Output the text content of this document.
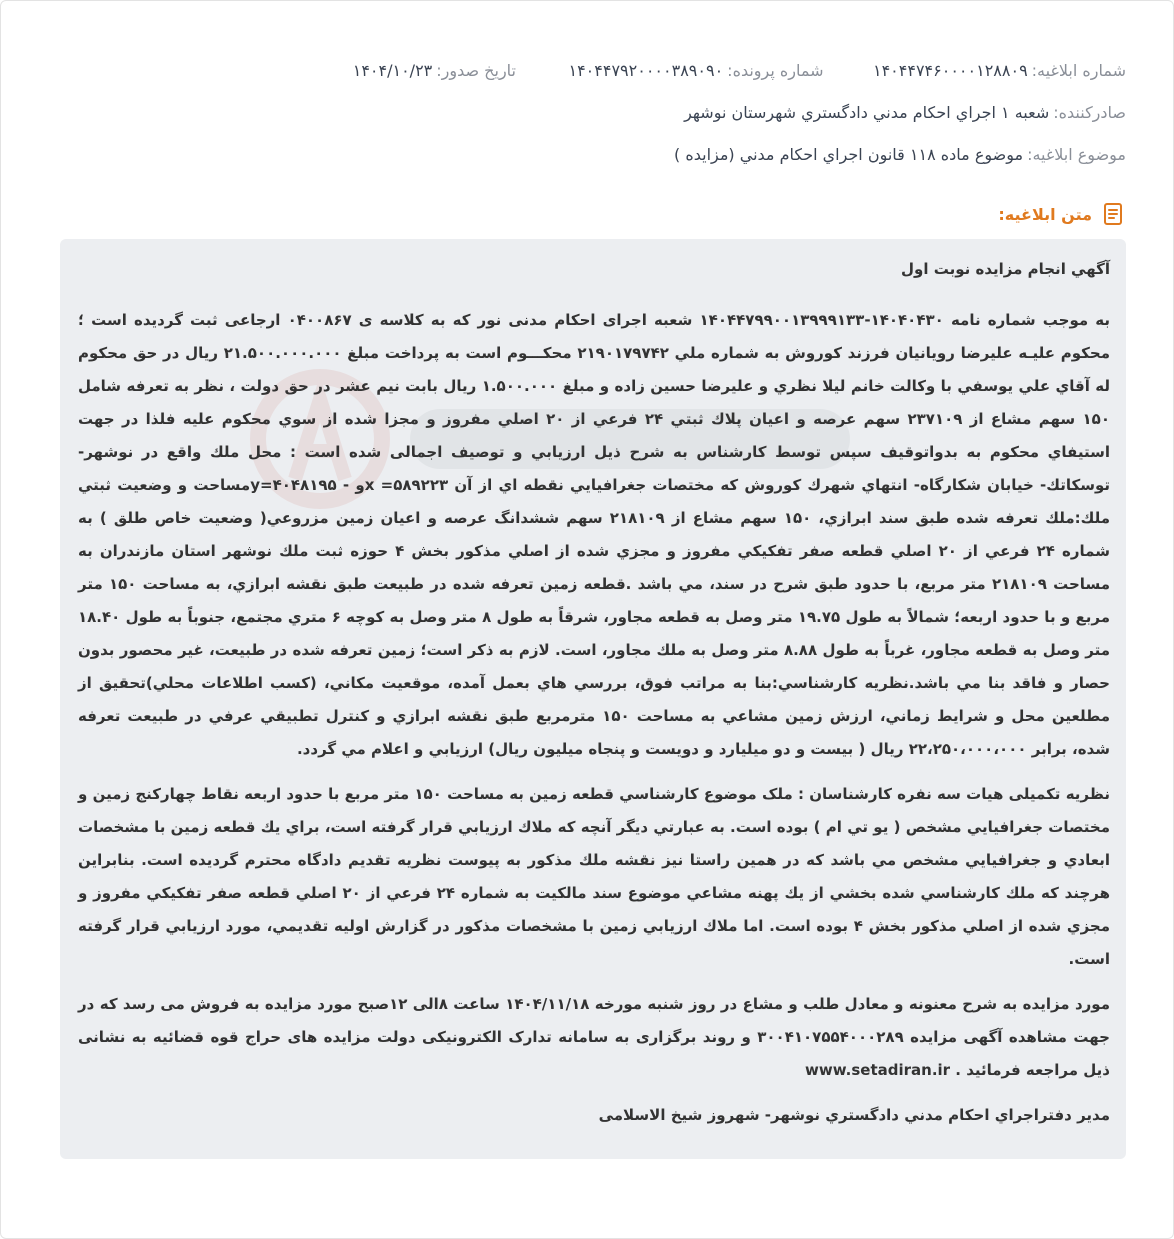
شماره ابلاغیه:
۱۴۰۴۴۷۴۶۰۰۰۰۱۲۸۸۰۹
شماره پرونده:
۱۴۰۴۴۷۹۲۰۰۰۰۳۸۹۰۹۰
تاریخ صدور:
۱۴۰۴/۱۰/۲۳
صادرکننده:
شعبه ۱ اجراي احكام مدني دادگستري شهرستان نوشهر
موضوع ابلاغیه:
موضوع ماده ۱۱۸ قانون اجراي احكام مدني (مزايده )
متن ابلاغیه:

آگهي انجام مزايده نوبت اول

به موجب شماره نامه ۱۴۰۴۰۴۳۰-۱۴۰۴۴۷۹۹۰۰۱۳۹۹۹۱۳۳ شعبه اجرای احکام مدنی نور که به کلاسه ی ۰۴۰۰۸۶۷ ارجاعی ثبت گردیده است ؛ محکوم علیـه علیرضا رویانیان فرزند کوروش به شماره ملي ۲۱۹۰۱۷۹۷۴۲ محکـــوم است به پرداخت مبلغ ۲۱.۵۰۰.۰۰۰.۰۰۰ ريال در حق محكوم له آقاي علي يوسفي با وکالت خانم لیلا نظري و علیرضا حسین زاده و مبلغ ۱.۵۰۰.۰۰۰ ريال بابت نيم عشر در حق دولت ، نظر به تعرفه شامل ۱۵۰ سهم مشاع از ۲۳۷۱۰۹ سهم عرصه و اعيان پلاك ثبتي ۲۴ فرعي از ۲۰ اصلي مفروز و مجزا شده از سوي محکوم علیه فلذا در جهت استيفاي محكوم به بدواتوقيف سپس توسط کارشناس به شرح ذيل ارزيابي و توصيف اجمالی شده است : محل ملك واقع در نوشهر- توسكاتك- خيابان شكارگاه- انتهاي شهرك كوروش كه مختصات جغرافيايي نقطه اي از آن ۵۸۹۲۲۳= xو - ۴۰۴۸۱۹۵=yمساحت و وضعيت ثبتي ملك:ملك تعرفه شده طبق سند ابرازي، ۱۵۰ سهم مشاع از ۲۱۸۱۰۹ سهم ششدانگ عرصه و اعيان زمين مزروعي( وضعيت خاص طلق ) به شماره ۲۴ فرعي از ۲۰ اصلي قطعه صفر تفكيكي مفروز و مجزي شده از اصلي مذكور بخش ۴ حوزه ثبت ملك نوشهر استان مازندران به مساحت ۲۱۸۱۰۹ متر مربع، با حدود طبق شرح در سند، مي باشد .قطعه زمين تعرفه شده در طبيعت طبق نقشه ابرازي، به مساحت ۱۵۰ متر مربع و با حدود اربعه؛ شمالاً به طول ۱۹.۷۵ متر وصل به قطعه مجاور، شرقاً به طول ۸ متر وصل به كوچه ۶ متري مجتمع، جنوباً به طول ۱۸.۴۰ متر وصل به قطعه مجاور، غرباً به طول ۸.۸۸ متر وصل به ملك مجاور، است. لازم به ذكر است؛ زمين تعرفه شده در طبيعت، غير محصور بدون حصار و فاقد بنا مي باشد.نظريه كارشناسي:بنا به مراتب فوق، بررسي هاي بعمل آمده، موقعيت مكاني، (كسب اطلاعات محلي)تحقيق از مطلعين محل و شرايط زماني، ارزش زمين مشاعي به مساحت ۱۵۰ مترمربع طبق نقشه ابرازي و كنترل تطبيقي عرفي در طبيعت تعرفه شده، برابر ۲۲،۲۵۰،۰۰۰،۰۰۰ ريال ( بيست و دو ميليارد و دويست و پنجاه ميليون ريال) ارزيابي و اعلام مي گردد.

نظريه تكميلی هيات سه نفره كارشناسان : ملک موضوع كارشناسي قطعه زمين به مساحت ۱۵۰ متر مربع با حدود اربعه نقاط چهاركنج زمين و مختصات جغرافيايي مشخص ( يو تي ام ) بوده است. به عبارتي ديگر آنچه كه ملاك ارزيابي قرار گرفته است، براي يك قطعه زمين با مشخصات ابعادي و جغرافيايي مشخص مي باشد كه در همين راستا نيز نقشه ملك مذكور به پيوست نظريه تقديم دادگاه محترم گرديده است. بنابراين هرچند كه ملك كارشناسي شده بخشي از يك پهنه مشاعي موضوع سند مالكيت به شماره ۲۴ فرعي از ۲۰ اصلي قطعه صفر تفكيكي مفروز و مجزي شده از اصلي مذكور بخش ۴ بوده است. اما ملاك ارزيابي زمين با مشخصات مذكور در گزارش اوليه تقديمي، مورد ارزيابي قرار گرفته است.

مورد مزايده به شرح معنونه و معادل طلب و مشاع در روز شنبه مورخه ۱۴۰۴/۱۱/۱۸ ساعت ۸الی ۱۲صبح مورد مزايده به فروش می رسد که در جهت مشاهده آگهی مزایده ۳۰۰۴۱۰۷۵۵۴۰۰۰۲۸۹ و روند برگزاری به سامانه تدارک الکترونیکی دولت مزایده های حراج قوه قضائیه به نشانی ذیل مراجعه فرمائید . www.setadiran.ir

مدير دفتراجراي احكام مدني دادگستري نوشهر- شهروز شيخ الاسلامی
